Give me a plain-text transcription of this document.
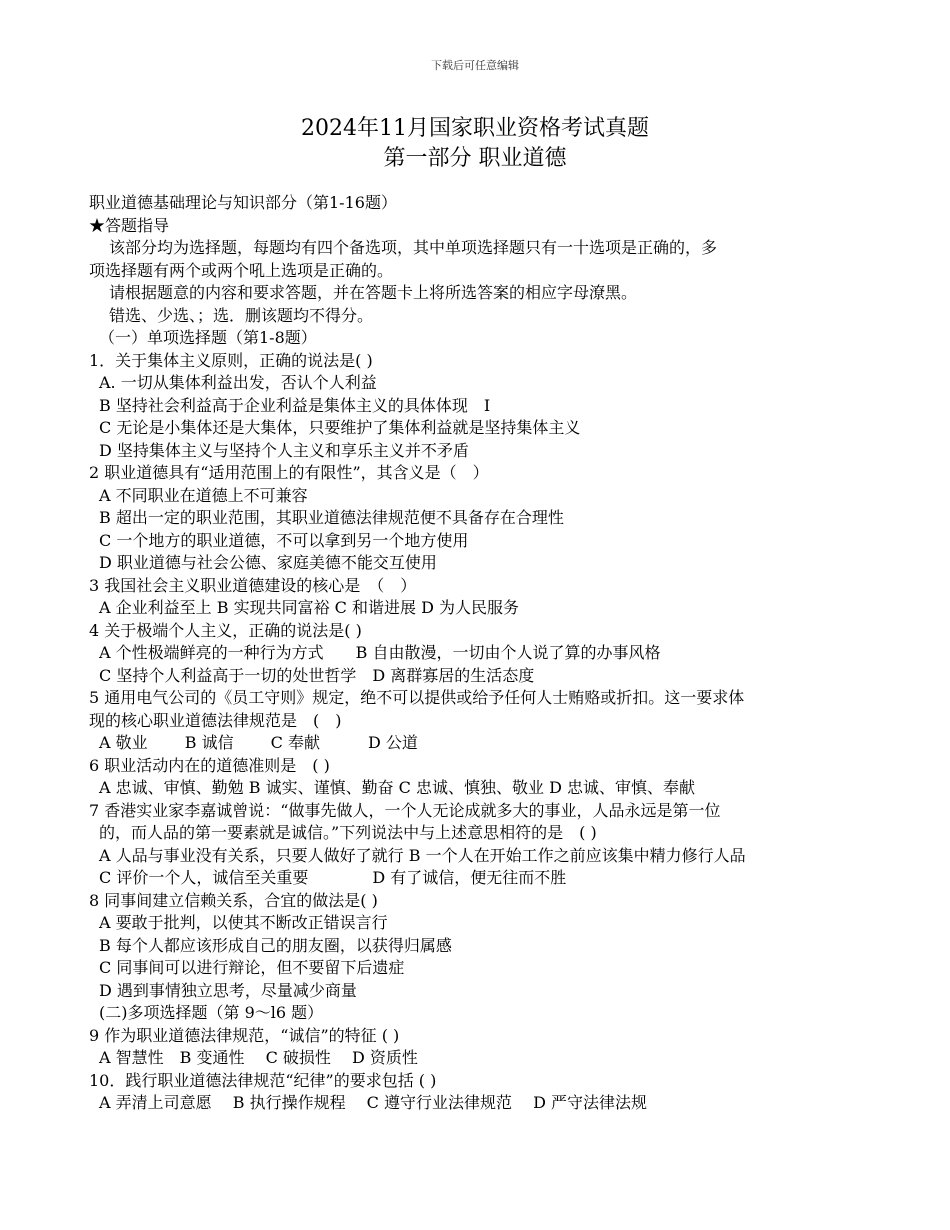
下载后可任意编辑
2024年11月国家职业资格考试真题
第一部分 职业道德
职业道德基础理论与知识部分（第1-16题）
★答题指导
该部分均为选择题，每题均有四个备选项，其中单项选择题只有一十选项是正确的，多
项选择题有两个或两个吼上选项是正确的。
请根据题意的内容和要求答题，并在答题卡上将所选答案的相应字母潦黑。
错选、少选、；选．删该题均不得分。
（一）单项选择题（第1-8题）
1．关于集体主义原则，正确的说法是( )
A. 一切从集体利益出发，否认个人利益
B 坚持社会利益高于企业利益是集体主义的具体体现　I
C 无论是小集体还是大集体，只要维护了集体利益就是坚持集体主义
D 坚持集体主义与坚持个人主义和享乐主义并不矛盾
2 职业道德具有“适用范围上的有限性”，其含义是（　）
A 不同职业在道德上不可兼容
B 超出一定的职业范围，其职业道德法律规范便不具备存在合理性
C 一个地方的职业道德，不可以拿到另一个地方使用
D 职业道德与社会公德、家庭美德不能交互使用
3 我国社会主义职业道德建设的核心是　（　）
A 企业利益至上 B 实现共同富裕 C 和谐进展 D 为人民服务
4 关于极端个人主义，正确的说法是( )
A 个性极端鲜亮的一种行为方式　　B 自由散漫，一切由个人说了算的办事风格
C 坚持个人利益高于一切的处世哲学　D 离群寡居的生活态度
5 通用电气公司的《员工守则》规定，绝不可以提供或给予任何人士贿赂或折扣。这一要求体
现的核心职业道德法律规范是　(　)
A 敬业　　 B 诚信　　 C 奉献　　　D 公道
6 职业活动内在的道德准则是　( )
A 忠诚、审慎、勤勉 B 诚实、谨慎、勤奋 C 忠诚、慎独、敬业 D 忠诚、审慎、奉献
7 香港实业家李嘉诚曾说：“做事先做人，一个人无论成就多大的事业，人品永远是第一位
的，而人品的第一要素就是诚信。”下列说法中与上述意思相符的是　( )
A 人品与事业没有关系，只要人做好了就行 B 一个人在开始工作之前应该集中精力修行人品
C 评价一个人，诚信至关重要　　　　D 有了诚信，便无往而不胜
8 同事间建立信赖关系，合宜的做法是( )
A 要敢于批判，以使其不断改正错误言行
B 每个人都应该形成自己的朋友圈，以获得归属感
C 同事间可以进行辩论，但不要留下后遗症
D 遇到事情独立思考，尽量减少商量
(二)多项选择题（第 9～l6 题）
9 作为职业道德法律规范，“诚信”的特征 ( )
A 智慧性　B 变通性　 C 破损性　 D 资质性
10．践行职业道德法律规范“纪律”的要求包括 ( )
A 弄清上司意愿　 B 执行操作规程　 C 遵守行业法律规范　 D 严守法律法规
